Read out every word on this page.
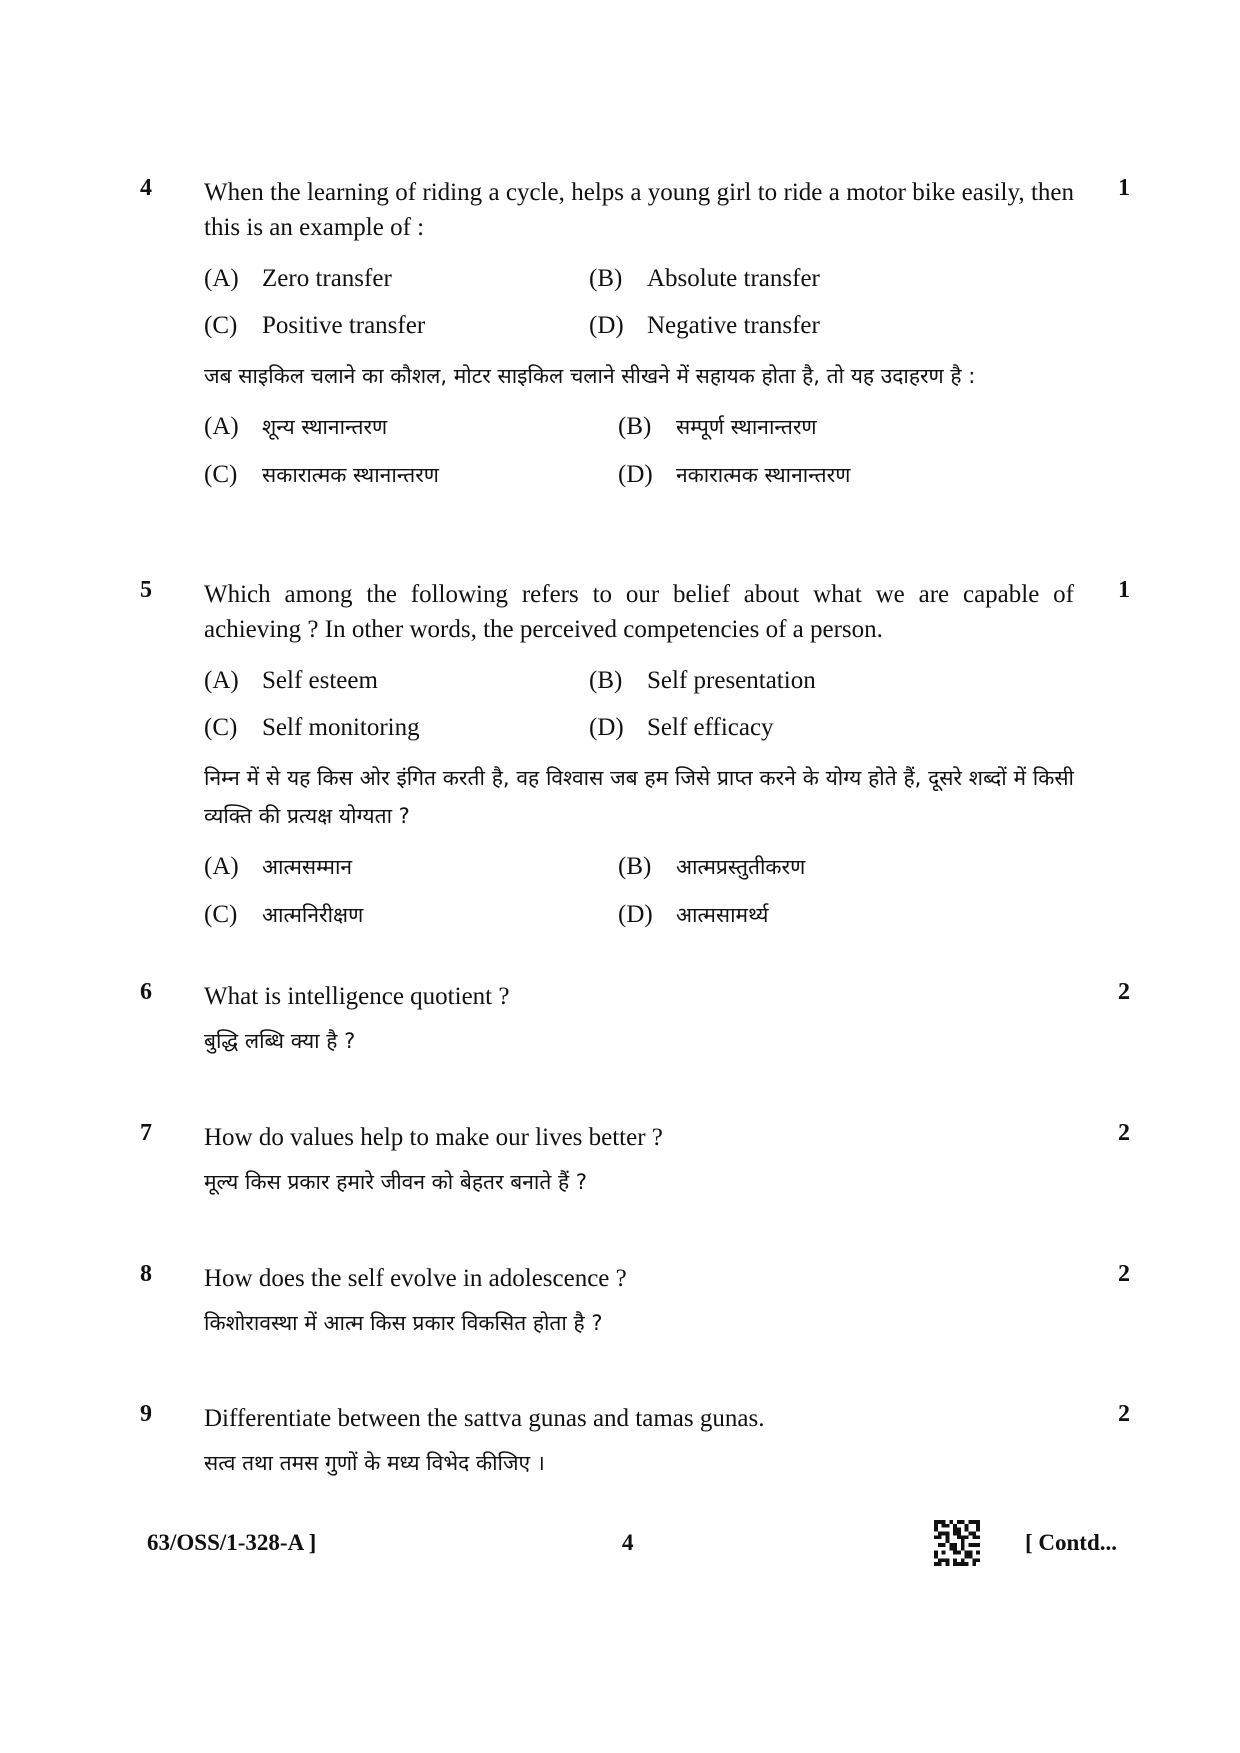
4	1
When the learning of riding a cycle, helps a young girl to ride a motor bike easily, then this is an example of :
(A) Zero transfer	(B) Absolute transfer
(C) Positive transfer	(D) Negative transfer
जब साइकिल चलाने का कौशल, मोटर साइकिल चलाने सीखने में सहायक होता है, तो यह उदाहरण है :
(A) शून्य स्थानान्तरण	(B) सम्पूर्ण स्थानान्तरण
(C) सकारात्मक स्थानान्तरण	(D) नकारात्मक स्थानान्तरण
5	1
Which among the following refers to our belief about what we are capable of achieving ? In other words, the perceived competencies of a person.
(A) Self esteem	(B) Self presentation
(C) Self monitoring	(D) Self efficacy
निम्न में से यह किस ओर इंगित करती है, वह विश्वास जब हम जिसे प्राप्त करने के योग्य होते हैं, दूसरे शब्दों में किसी व्यक्ति की प्रत्यक्ष योग्यता ?
(A) आत्मसम्मान	(B) आत्मप्रस्तुतीकरण
(C) आत्मनिरीक्षण	(D) आत्मसामर्थ्य
6	2
What is intelligence quotient ?
बुद्धि लब्धि क्या है ?
7	2
How do values help to make our lives better ?
मूल्य किस प्रकार हमारे जीवन को बेहतर बनाते हैं ?
8	2
How does the self evolve in adolescence ?
किशोरावस्था में आत्म किस प्रकार विकसित होता है ?
9	2
Differentiate between the sattva gunas and tamas gunas.
सत्व तथा तमस गुणों के मध्य विभेद कीजिए ।
63/OSS/1-328-A ]	4	[ Contd...
